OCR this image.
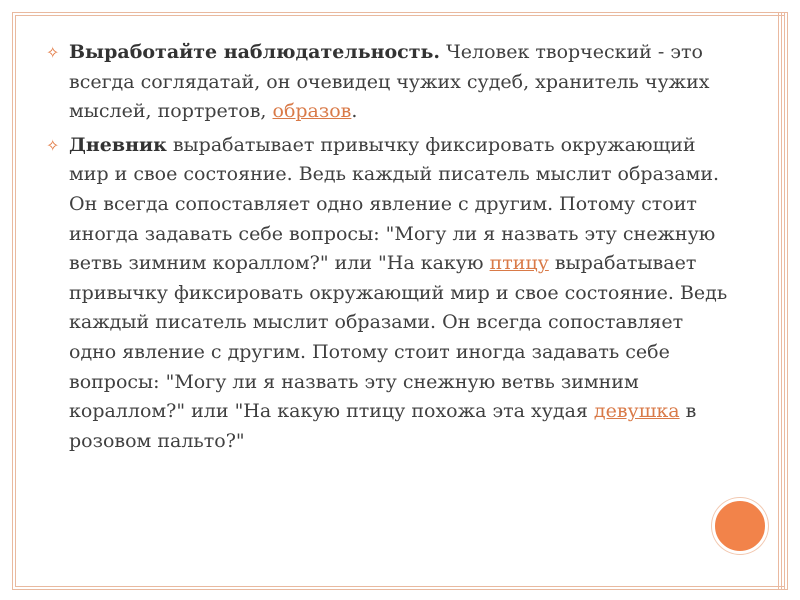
✧ Выработайте наблюдательность. Человек творческий - это всегда соглядатай, он очевидец чужих судеб, хранитель чужих мыслей, портретов, образов.

✧ Дневник вырабатывает привычку фиксировать окружающий мир и свое состояние. Ведь каждый писатель мыслит образами. Он всегда сопоставляет одно явление с другим. Потому стоит иногда задавать себе вопросы: "Могу ли я назвать эту снежную ветвь зимним кораллом?" или "На какую птицу вырабатывает привычку фиксировать окружающий мир и свое состояние. Ведь каждый писатель мыслит образами. Он всегда сопоставляет одно явление с другим. Потому стоит иногда задавать себе вопросы: "Могу ли я назвать эту снежную ветвь зимним кораллом?" или "На какую птицу похожа эта худая девушка в розовом пальто?"
